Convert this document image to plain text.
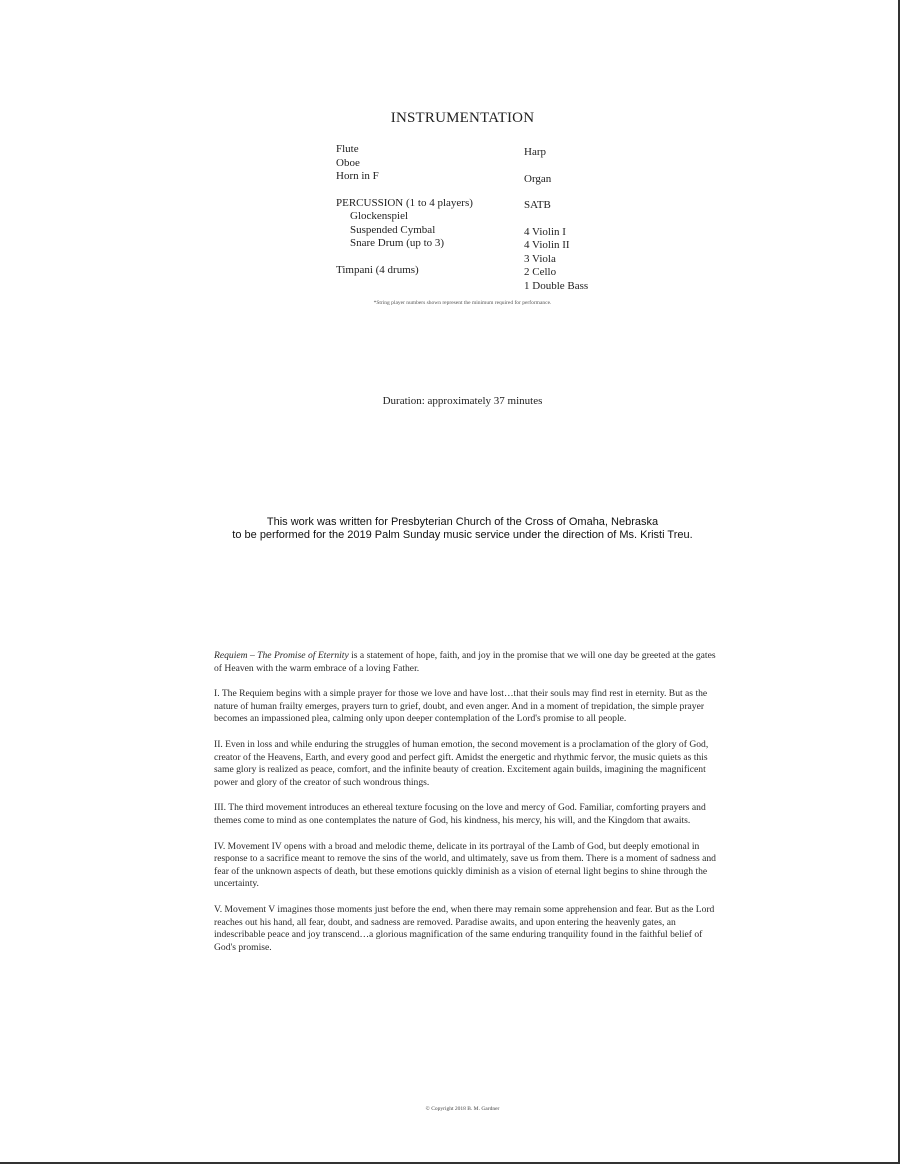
INSTRUMENTATION
Flute
Oboe
Horn in F
PERCUSSION (1 to 4 players)
Glockenspiel
Suspended Cymbal
Snare Drum (up to 3)
Timpani (4 drums)
Harp
Organ
SATB
4 Violin I
4 Violin II
3 Viola
2 Cello
1 Double Bass
*String player numbers shown represent the minimum required for performance.
Duration: approximately 37 minutes
This work was written for Presbyterian Church of the Cross of Omaha, Nebraska
to be performed for the 2019 Palm Sunday music service under the direction of Ms. Kristi Treu.

Requiem – The Promise of Eternity is a statement of hope, faith, and joy in the promise that we will one day be greeted at the gates of Heaven with the warm embrace of a loving Father.

I. The Requiem begins with a simple prayer for those we love and have lost…that their souls may find rest in eternity. But as the nature of human frailty emerges, prayers turn to grief, doubt, and even anger. And in a moment of trepidation, the simple prayer becomes an impassioned plea, calming only upon deeper contemplation of the Lord's promise to all people.

II. Even in loss and while enduring the struggles of human emotion, the second movement is a proclamation of the glory of God, creator of the Heavens, Earth, and every good and perfect gift. Amidst the energetic and rhythmic fervor, the music quiets as this same glory is realized as peace, comfort, and the infinite beauty of creation. Excitement again builds, imagining the magnificent power and glory of the creator of such wondrous things.

III. The third movement introduces an ethereal texture focusing on the love and mercy of God. Familiar, comforting prayers and themes come to mind as one contemplates the nature of God, his kindness, his mercy, his will, and the Kingdom that awaits.

IV. Movement IV opens with a broad and melodic theme, delicate in its portrayal of the Lamb of God, but deeply emotional in response to a sacrifice meant to remove the sins of the world, and ultimately, save us from them. There is a moment of sadness and fear of the unknown aspects of death, but these emotions quickly diminish as a vision of eternal light begins to shine through the uncertainty.

V. Movement V imagines those moments just before the end, when there may remain some apprehension and fear. But as the Lord reaches out his hand, all fear, doubt, and sadness are removed. Paradise awaits, and upon entering the heavenly gates, an indescribable peace and joy transcend…a glorious magnification of the same enduring tranquility found in the faithful belief of God's promise.

© Copyright 2018 B. M. Gardner
